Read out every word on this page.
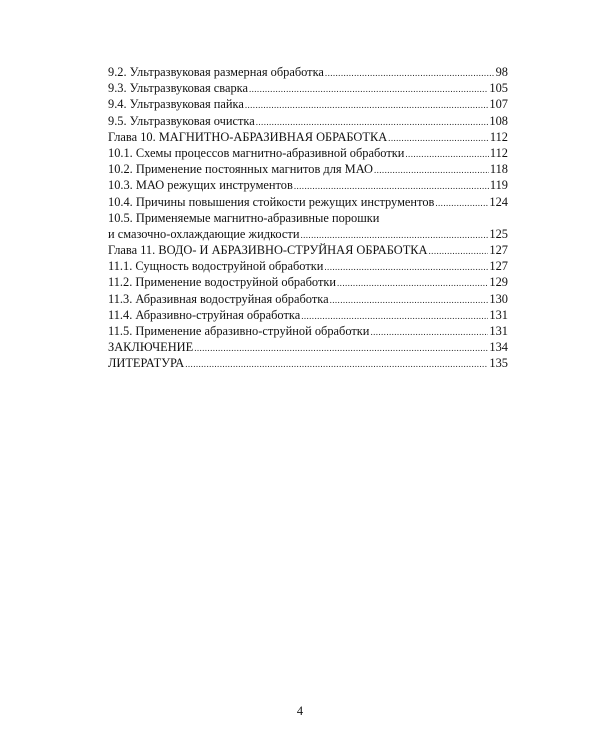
9.2. Ультразвуковая размерная обработка .....	98
9.3. Ультразвуковая сварка .....	105
9.4. Ультразвуковая пайка .....	107
9.5. Ультразвуковая очистка .....	108
Глава 10. МАГНИТНО-АБРАЗИВНАЯ ОБРАБОТКА .....	112
10.1. Схемы процессов магнитно-абразивной обработки .....	112
10.2. Применение постоянных магнитов для МАО .....	118
10.3. МАО режущих инструментов .....	119
10.4. Причины повышения стойкости режущих инструментов .....	124
10.5. Применяемые магнитно-абразивные порошки
и смазочно-охлаждающие жидкости .....	125
Глава 11. ВОДО- И АБРАЗИВНО-СТРУЙНАЯ ОБРАБОТКА .....	127
11.1. Сущность водоструйной обработки .....	127
11.2. Применение водоструйной обработки .....	129
11.3. Абразивная водоструйная обработка .....	130
11.4. Абразивно-струйная обработка .....	131
11.5. Применение абразивно-струйной обработки .....	131
ЗАКЛЮЧЕНИЕ .....	134
ЛИТЕРАТУРА .....	135
4
